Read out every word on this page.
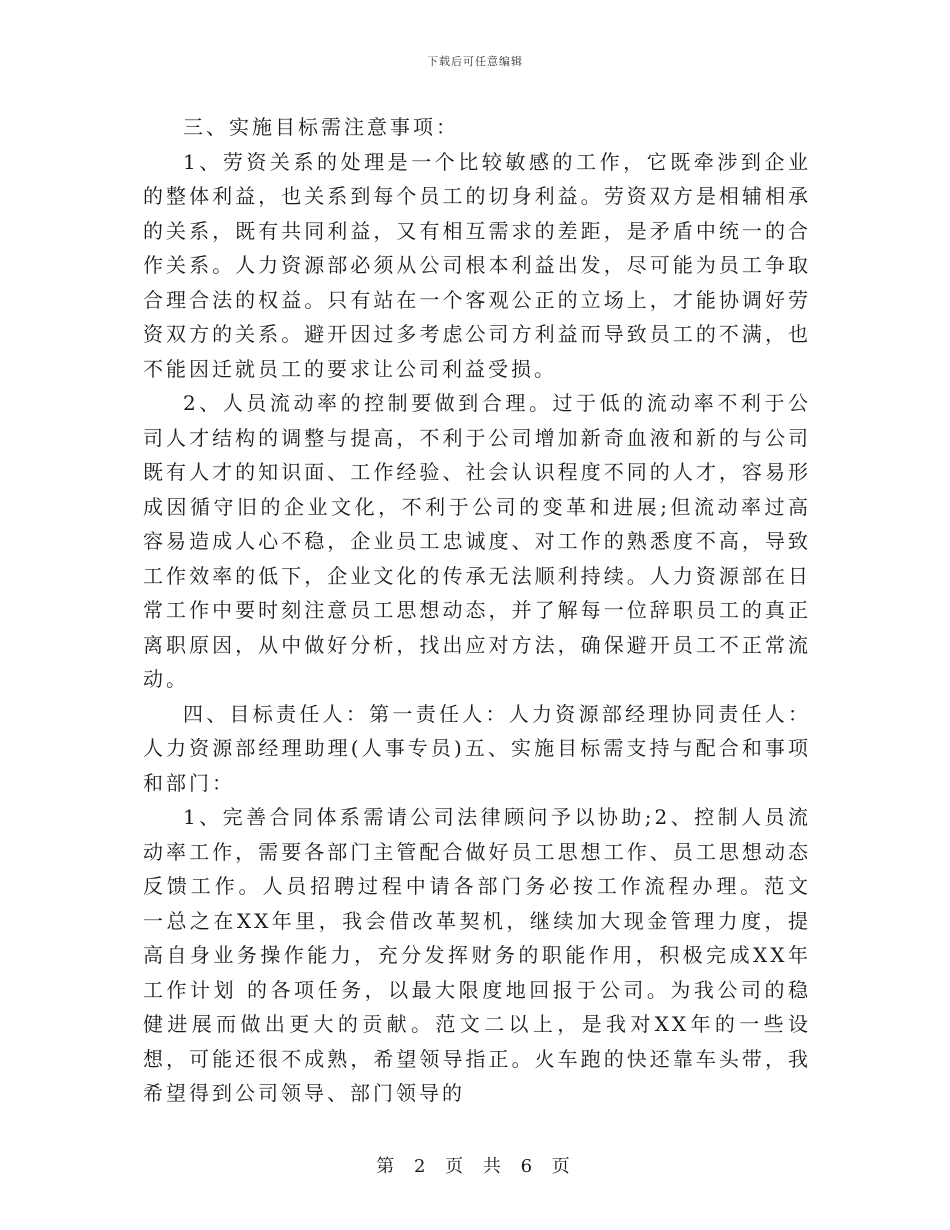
下载后可任意编辑

三、实施目标需注意事项：

1、劳资关系的处理是一个比较敏感的工作，它既牵涉到企业的整体利益，也关系到每个员工的切身利益。劳资双方是相辅相承的关系，既有共同利益，又有相互需求的差距，是矛盾中统一的合作关系。人力资源部必须从公司根本利益出发，尽可能为员工争取合理合法的权益。只有站在一个客观公正的立场上，才能协调好劳资双方的关系。避开因过多考虑公司方利益而导致员工的不满，也不能因迁就员工的要求让公司利益受损。

2、人员流动率的控制要做到合理。过于低的流动率不利于公司人才结构的调整与提高，不利于公司增加新奇血液和新的与公司既有人才的知识面、工作经验、社会认识程度不同的人才，容易形成因循守旧的企业文化，不利于公司的变革和进展;但流动率过高容易造成人心不稳，企业员工忠诚度、对工作的熟悉度不高，导致工作效率的低下，企业文化的传承无法顺利持续。人力资源部在日常工作中要时刻注意员工思想动态，并了解每一位辞职员工的真正离职原因，从中做好分析，找出应对方法，确保避开员工不正常流动。

四、目标责任人：第一责任人：人力资源部经理协同责任人：人力资源部经理助理(人事专员)五、实施目标需支持与配合和事项和部门：

1、完善合同体系需请公司法律顾问予以协助;2、控制人员流动率工作，需要各部门主管配合做好员工思想工作、员工思想动态反馈工作。人员招聘过程中请各部门务必按工作流程办理。范文 一总之在XX年里，我会借改革契机，继续加大现金管理力度，提高自身业务操作能力，充分发挥财务的职能作用，积极完成XX年工作计划 的各项任务，以最大限度地回报于公司。为我公司的稳健进展而做出更大的贡献。范文二以上，是我对XX年的一些设想，可能还很不成熟，希望领导指正。火车跑的快还靠车头带，我希望得到公司领导、部门领导的

第 2 页 共 6 页
